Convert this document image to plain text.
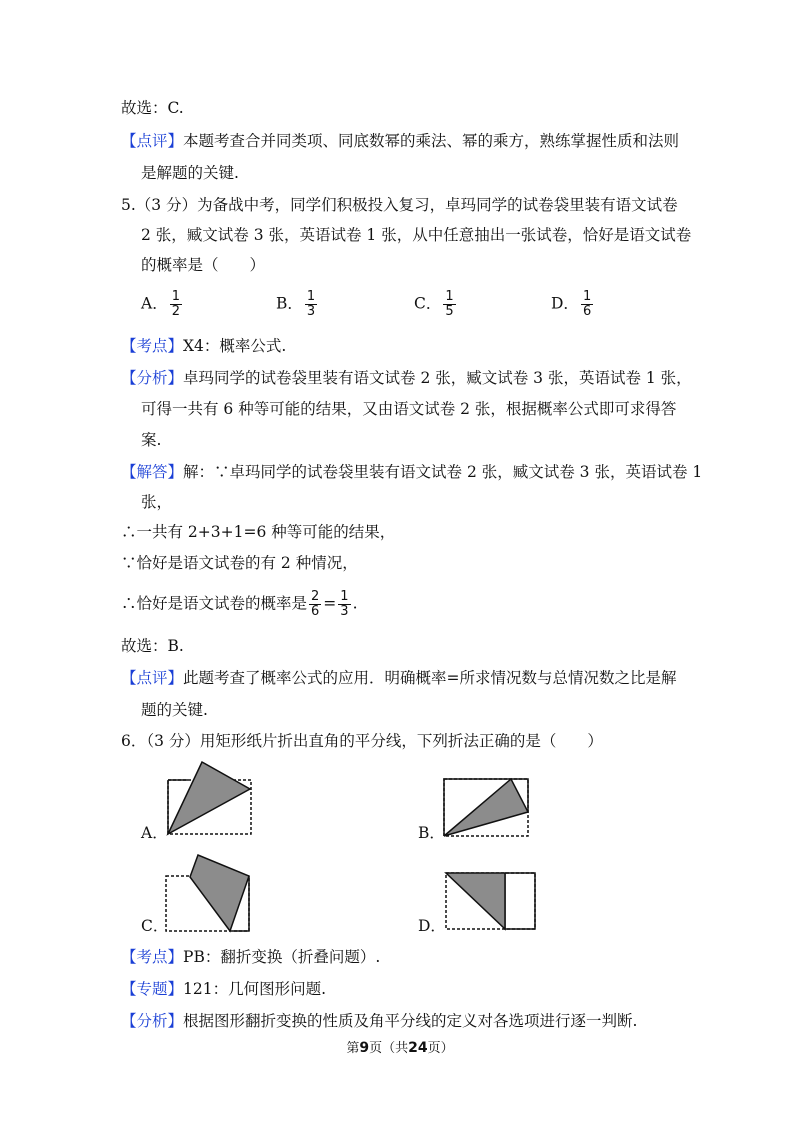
故选：C.
【点评】本题考查合并同类项、同底数幂的乘法、幂的乘方，熟练掌握性质和法则
是解题的关键.
5.（3 分）为备战中考，同学们积极投入复习，卓玛同学的试卷袋里装有语文试卷
2 张，臧文试卷 3 张，英语试卷 1 张，从中任意抽出一张试卷，恰好是语文试卷
的概率是（　　）
A． $\frac{1}{2}$	B． $\frac{1}{3}$	C． $\frac{1}{5}$	D． $\frac{1}{6}$
【考点】X4：概率公式.
【分析】卓玛同学的试卷袋里装有语文试卷 2 张，臧文试卷 3 张，英语试卷 1 张，
可得一共有 6 种等可能的结果，又由语文试卷 2 张，根据概率公式即可求得答
案.
【解答】解：∵卓玛同学的试卷袋里装有语文试卷 2 张，臧文试卷 3 张，英语试卷 1
张，
∴一共有 2+3+1=6 种等可能的结果，
∵恰好是语文试卷的有 2 种情况，
∴恰好是语文试卷的概率是 $\frac{2}{6} = \frac{1}{3}$ .
故选：B.
【点评】此题考查了概率公式的应用．明确概率=所求情况数与总情况数之比是解
题的关键.
6．（3 分）用矩形纸片折出直角的平分线，下列折法正确的是（　　）
A．	B．
C．	D．
【考点】PB：翻折变换（折叠问题）.
【专题】121：几何图形问题.
【分析】根据图形翻折变换的性质及角平分线的定义对各选项进行逐一判断.
第9页（共24页）
